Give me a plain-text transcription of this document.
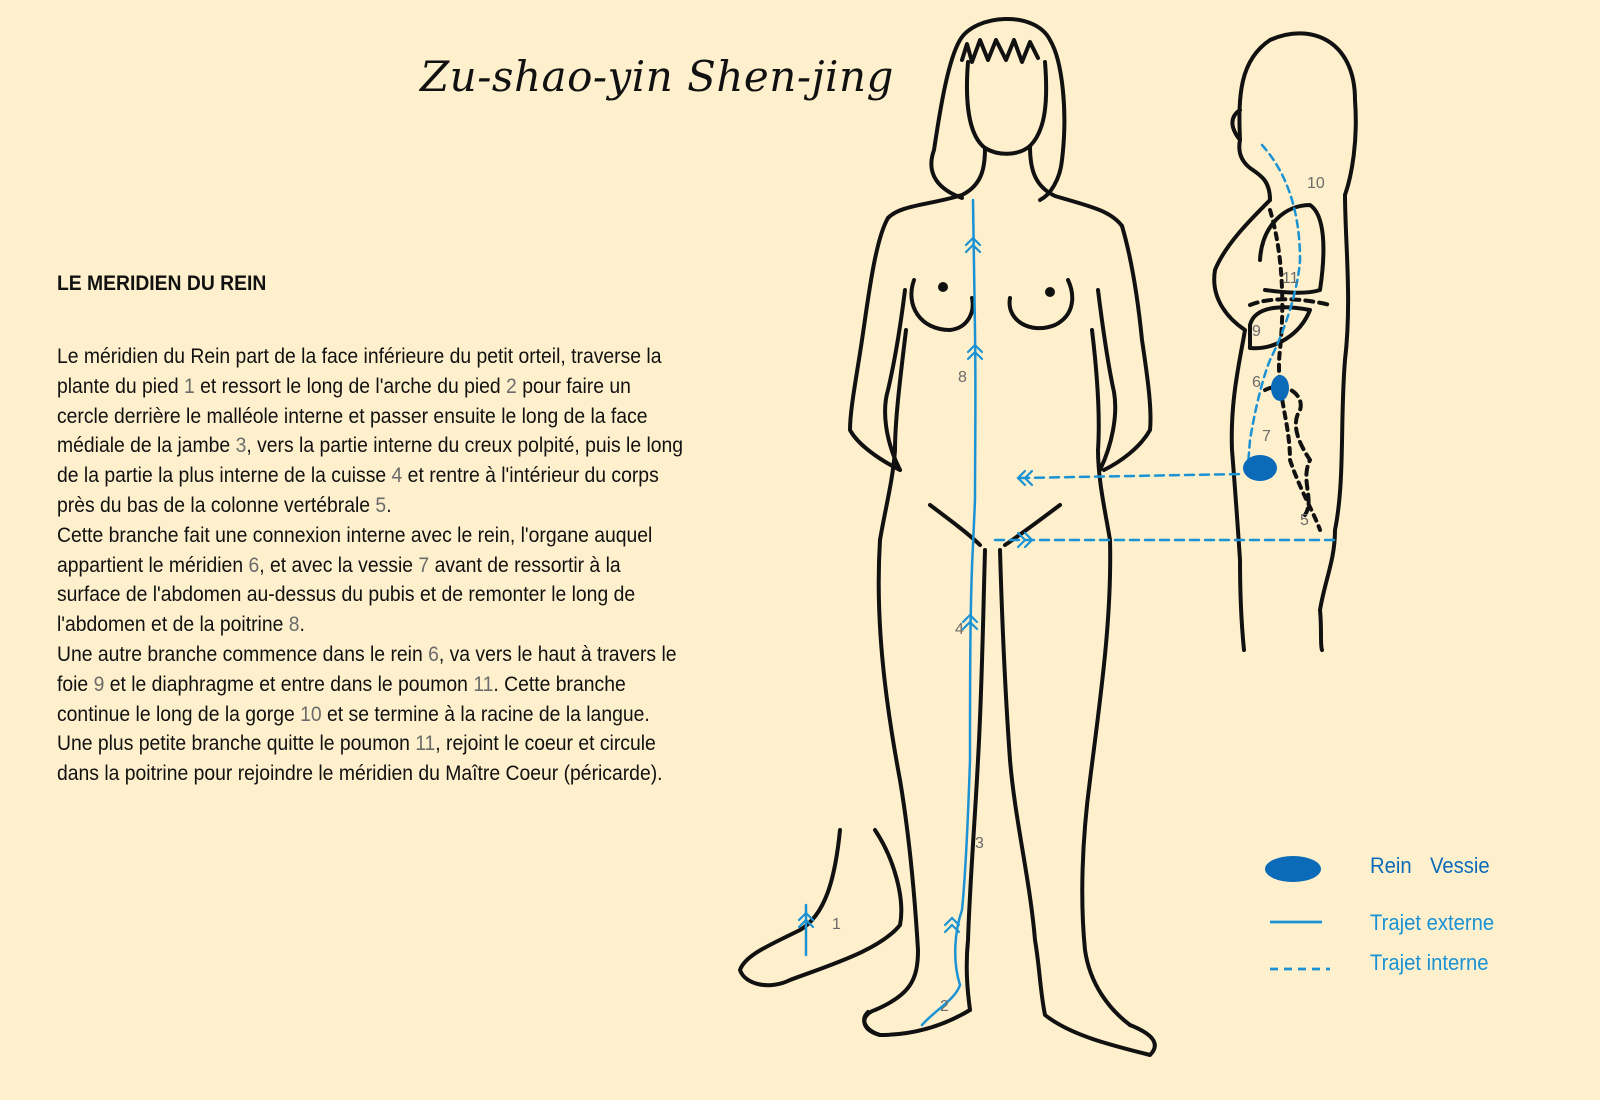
Zu-shao-yin Shen-jing
LE MERIDIEN DU REIN
Le méridien du Rein part de la face inférieure du petit orteil, traverse la plante du pied 1 et ressort le long de l'arche du pied 2 pour faire un cercle derrière le malléole interne et passer ensuite le long de la face médiale de la jambe 3, vers la partie interne du creux polpité, puis le long de la partie la plus interne de la cuisse 4 et rentre à l'intérieur du corps près du bas de la colonne vertébrale 5.
Cette branche fait une connexion interne avec le rein, l'organe auquel appartient le méridien 6, et avec la vessie 7 avant de ressortir à la surface de l'abdomen au-dessus du pubis et de remonter le long de l'abdomen et de la poitrine 8.
Une autre branche commence dans le rein 6, va vers le haut à travers le foie 9 et le diaphragme et entre dans le poumon 11. Cette branche continue le long de la gorge 10 et se termine à la racine de la langue.
Une plus petite branche quitte le poumon 11, rejoint le coeur et circule dans la poitrine pour rejoindre le méridien du Maître Coeur (péricarde).
1
2
3
4
5
6
7
8
9
10
11
Rein Vessie
Trajet externe
Trajet interne
